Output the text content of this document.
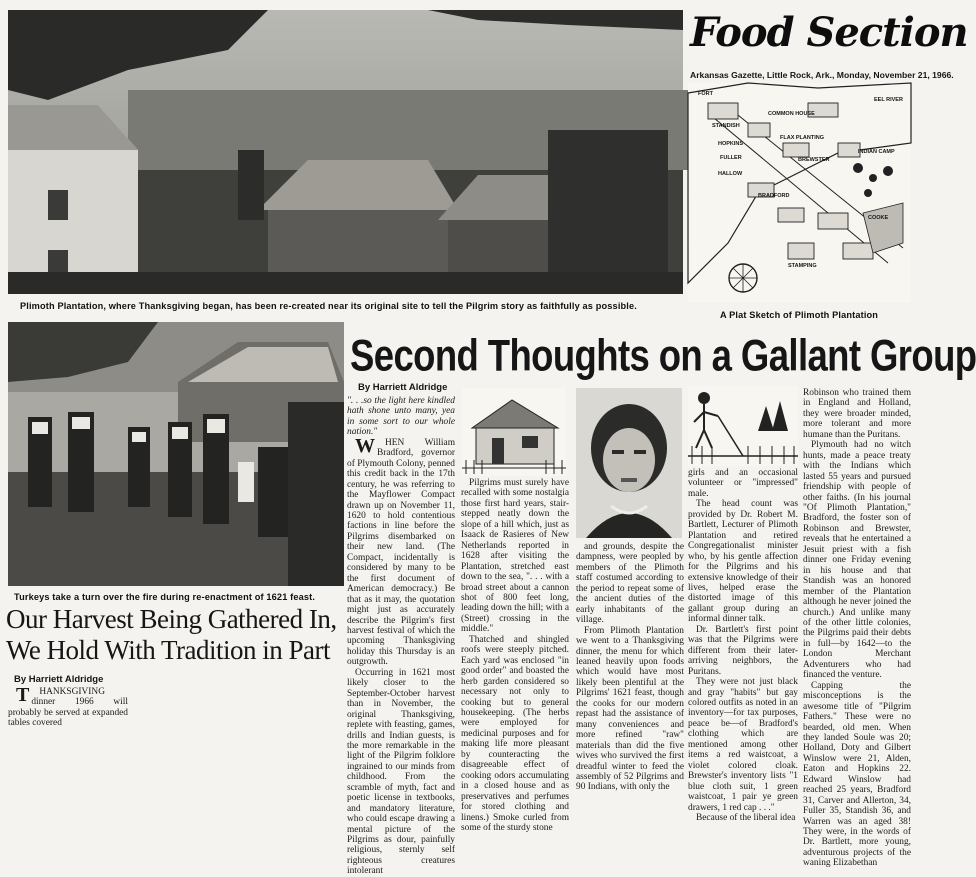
Plimoth Plantation, where Thanksgiving began, has been re-created near its original site to tell the Pilgrim story as faithfully as possible.
Food Section
Arkansas Gazette, Little Rock, Ark., Monday, November 21, 1966.
FORT
STANDISH
HOPKINS
FULLER
HALLOW
COMMON HOUSE
FLAX PLANTING
BREWSTER
INDIAN CAMP
EEL RIVER
BRADFORD
COOKE
STAMPING
A Plat Sketch of Plimoth Plantation
Turkeys take a turn over the fire during re-enactment of 1621 feast.
Our Harvest Being Gathered In,
We Hold With Tradition in Part
By Harriett Aldridge

THANKSGIVING dinner 1966 will probably be served at expanded tables covered

Second Thoughts on a Gallant Group
By Harriett Aldridge

". . .so the light here kindled hath shone unto many, yea in some sort to our whole nation."

WHEN William Bradford, governor of Plymouth Colony, penned this credit back in the 17th century, he was referring to the Mayflower Compact drawn up on November 11, 1620 to hold contentious factions in line before the Pilgrims disembarked on their new land. (The Compact, incidentally is considered by many to be the first document of American democracy.) Be that as it may, the quotation might just as accurately describe the Pilgrim's first harvest festival of which the upcoming Thanksgiving holiday this Thursday is an outgrowth.

Occurring in 1621 most likely closer to the September-October harvest than in November, the original Thanksgiving, replete with feasting, games, drills and Indian guests, is the more remarkable in the light of the Pilgrim folklore ingrained to our minds from childhood. From the scramble of myth, fact and poetic license in textbooks, and mandatory literature, who could escape drawing a mental picture of the Pilgrims as dour, painfully religious, sternly self righteous creatures intolerant

Pilgrims must surely have recalled with some nostalgia those first hard years, stair-stepped neatly down the slope of a hill which, just as Isaack de Rasieres of New Netherlands reported in 1628 after visiting the Plantation, stretched east down to the sea, ". . . with a broad street about a cannon shot of 800 feet long, leading down the hill; with a (Street) crossing in the middle."

Thatched and shingled roofs were steeply pitched. Each yard was enclosed "in good order" and boasted the herb garden considered so necessary not only to cooking but to general housekeeping. (The herbs were employed for medicinal purposes and for making life more pleasant by counteracting the disagreeable effect of cooking odors accumulating in a closed house and as preservatives and perfumes for stored clothing and linens.) Smoke curled from some of the sturdy stone

and grounds, despite the dampness, were peopled by members of the Plimoth staff costumed according to the period to repeat some of the ancient duties of the early inhabitants of the village.

From Plimoth Plantation we went to a Thanksgiving dinner, the menu for which leaned heavily upon foods which would have most likely been plentiful at the Pilgrims' 1621 feast, though the cooks for our modern repast had the assistance of many conveniences and more refined "raw" materials than did the five wives who survived the first dreadful winter to feed the assembly of 52 Pilgrims and 90 Indians, with only the

girls and an occasional volunteer or "impressed" male.

The head count was provided by Dr. Robert M. Bartlett, Lecturer of Plimoth Plantation and retired Congregationalist minister who, by his gentle affection for the Pilgrims and his extensive knowledge of their lives, helped erase the distorted image of this gallant group during an informal dinner talk.

Dr. Bartlett's first point was that the Pilgrims were different from their later-arriving neighbors, the Puritans.

They were not just black and gray "habits" but gay colored outfits as noted in an inventory—for tax purposes, peace be—of Bradford's clothing which are mentioned among other items a red waistcoat, a violet colored cloak. Brewster's inventory lists "1 blue cloth suit, 1 green waistcoat, 1 pair ye green drawers, 1 red cap . . ."

Because of the liberal idea

Robinson who trained them in England and Holland, they were broader minded, more tolerant and more humane than the Puritans.

Plymouth had no witch hunts, made a peace treaty with the Indians which lasted 55 years and pursued friendship with people of other faiths. (In his journal "Of Plimoth Plantation," Bradford, the foster son of Robinson and Brewster, reveals that he entertained a Jesuit priest with a fish dinner one Friday evening in his house and that Standish was an honored member of the Plantation although he never joined the church.) And unlike many of the other little colonies, the Pilgrims paid their debts in full—by 1642—to the London Merchant Adventurers who had financed the venture.

Capping the misconceptions is the awesome title of "Pilgrim Fathers." These were no bearded, old men. When they landed Soule was 20; Holland, Doty and Gilbert Winslow were 21, Alden, Eaton and Hopkins 22. Edward Winslow had reached 25 years, Bradford 31, Carver and Allerton, 34, Fuller 35, Standish 36, and Warren was an aged 38! They were, in the words of Dr. Bartlett, more young, adventurous projects of the waning Elizabethan
